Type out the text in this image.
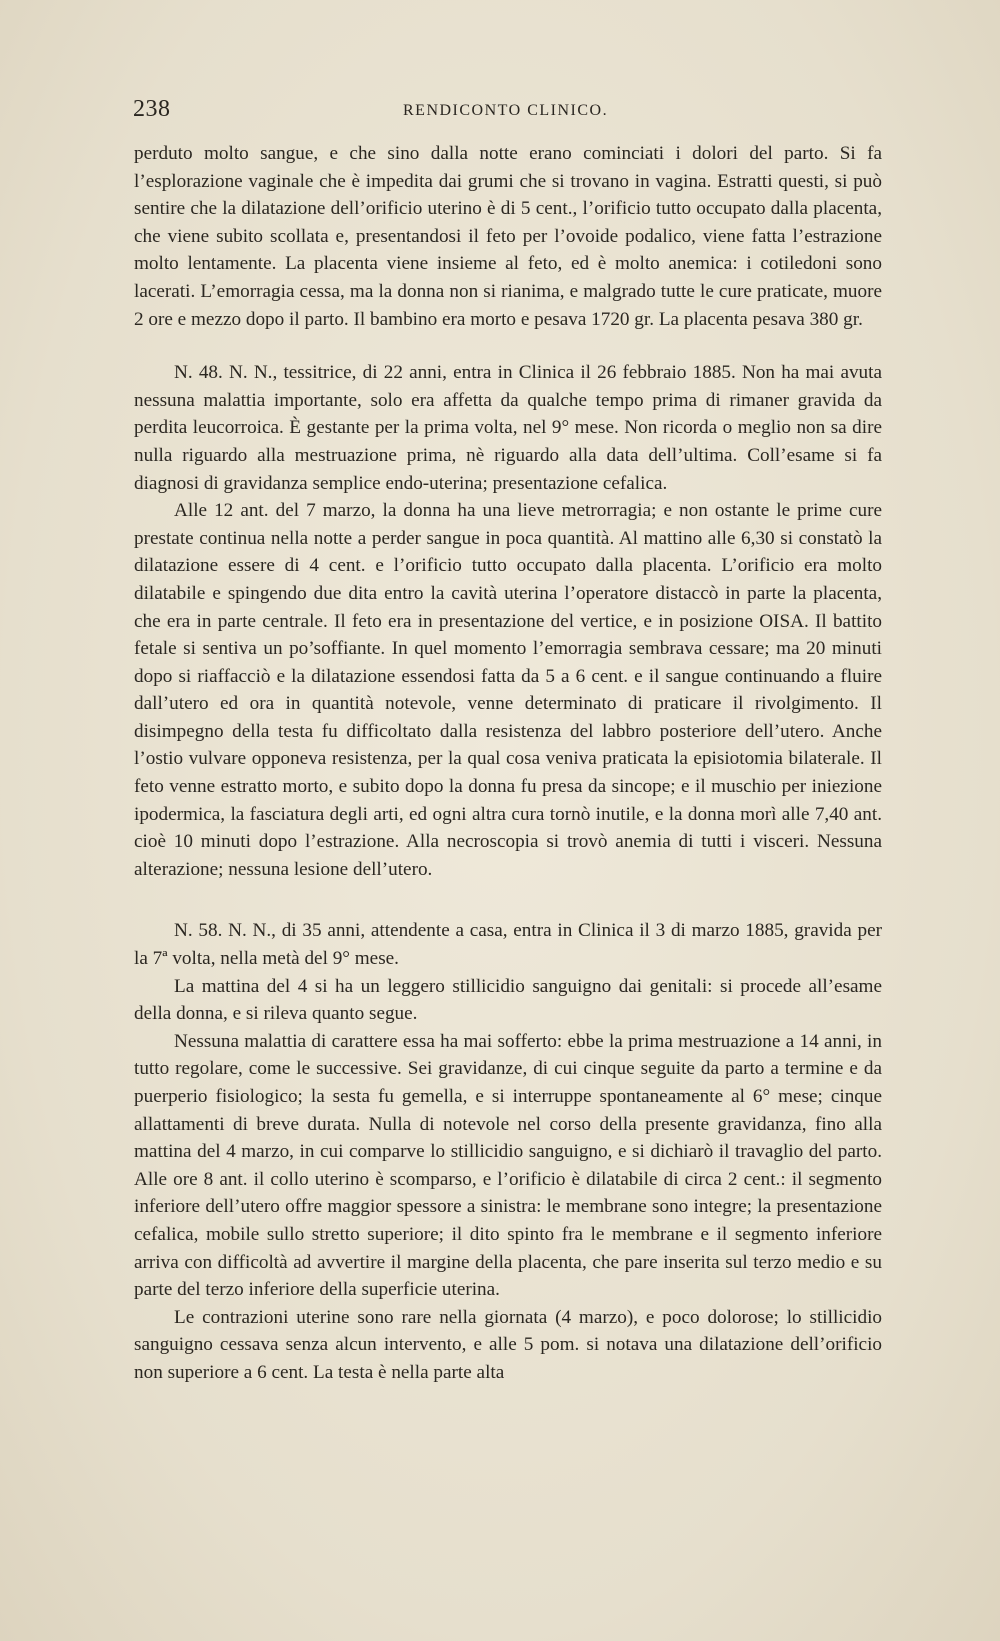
238	RENDICONTO CLINICO.

perduto molto sangue, e che sino dalla notte erano cominciati i dolori del parto. Si fa l’esplorazione vaginale che è impedita dai grumi che si trovano in vagina. Estratti questi, si può sentire che la dilatazione dell’orificio uterino è di 5 cent., l’orificio tutto occupato dalla placenta, che viene subito scollata e, presentandosi il feto per l’ovoide podalico, viene fatta l’estrazione molto lentamente. La placenta viene insieme al feto, ed è molto anemica: i cotiledoni sono lacerati. L’emorragia cessa, ma la donna non si rianima, e malgrado tutte le cure praticate, muore 2 ore e mezzo dopo il parto. Il bambino era morto e pesava 1720 gr. La placenta pesava 380 gr.

N. 48. N. N., tessitrice, di 22 anni, entra in Clinica il 26 febbraio 1885. Non ha mai avuta nessuna malattia importante, solo era affetta da qualche tempo prima di rimaner gravida da perdita leucorroica. È gestante per la prima volta, nel 9° mese. Non ricorda o meglio non sa dire nulla riguardo alla mestruazione prima, nè riguardo alla data dell’ultima. Coll’esame si fa diagnosi di gravidanza semplice endo-uterina; presentazione cefalica.

Alle 12 ant. del 7 marzo, la donna ha una lieve metrorragia; e non ostante le prime cure prestate continua nella notte a perder sangue in poca quantità. Al mattino alle 6,30 si constatò la dilatazione essere di 4 cent. e l’orificio tutto occupato dalla placenta. L’orificio era molto dilatabile e spingendo due dita entro la cavità uterina l’operatore distaccò in parte la placenta, che era in parte centrale. Il feto era in presentazione del vertice, e in posizione OISA. Il battito fetale si sentiva un po’soffiante. In quel momento l’emorragia sembrava cessare; ma 20 minuti dopo si riaffacciò e la dilatazione essendosi fatta da 5 a 6 cent. e il sangue continuando a fluire dall’utero ed ora in quantità notevole, venne determinato di praticare il rivolgimento. Il disimpegno della testa fu difficoltato dalla resistenza del labbro posteriore dell’utero. Anche l’ostio vulvare opponeva resistenza, per la qual cosa veniva praticata la episiotomia bilaterale. Il feto venne estratto morto, e subito dopo la donna fu presa da sincope; e il muschio per iniezione ipodermica, la fasciatura degli arti, ed ogni altra cura tornò inutile, e la donna morì alle 7,40 ant. cioè 10 minuti dopo l’estrazione. Alla necroscopia si trovò anemia di tutti i visceri. Nessuna alterazione; nessuna lesione dell’utero.

N. 58. N. N., di 35 anni, attendente a casa, entra in Clinica il 3 di marzo 1885, gravida per la 7ª volta, nella metà del 9° mese.

La mattina del 4 si ha un leggero stillicidio sanguigno dai genitali: si procede all’esame della donna, e si rileva quanto segue.

Nessuna malattia di carattere essa ha mai sofferto: ebbe la prima mestruazione a 14 anni, in tutto regolare, come le successive. Sei gravidanze, di cui cinque seguite da parto a termine e da puerperio fisiologico; la sesta fu gemella, e si interruppe spontaneamente al 6° mese; cinque allattamenti di breve durata. Nulla di notevole nel corso della presente gravidanza, fino alla mattina del 4 marzo, in cui comparve lo stillicidio sanguigno, e si dichiarò il travaglio del parto. Alle ore 8 ant. il collo uterino è scomparso, e l’orificio è dilatabile di circa 2 cent.: il segmento inferiore dell’utero offre maggior spessore a sinistra: le membrane sono integre; la presentazione cefalica, mobile sullo stretto superiore; il dito spinto fra le membrane e il segmento inferiore arriva con difficoltà ad avvertire il margine della placenta, che pare inserita sul terzo medio e su parte del terzo inferiore della superficie uterina.

Le contrazioni uterine sono rare nella giornata (4 marzo), e poco dolorose; lo stillicidio sanguigno cessava senza alcun intervento, e alle 5 pom. si notava una dilatazione dell’orificio non superiore a 6 cent. La testa è nella parte alta
